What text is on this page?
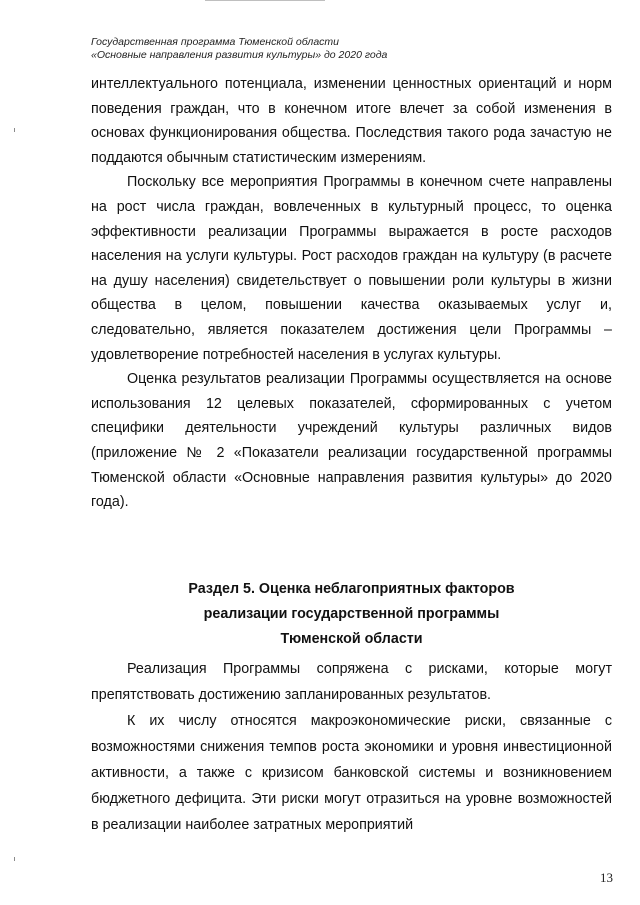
Государственная программа Тюменской области
«Основные направления развития культуры» до 2020 года

интеллектуального потенциала, изменении ценностных ориентаций и норм поведения граждан, что в конечном итоге влечет за собой изменения в основах функционирования общества. Последствия такого рода зачастую не поддаются обычным статистическим измерениям.

Поскольку все мероприятия Программы в конечном счете направлены на рост числа граждан, вовлеченных в культурный процесс, то оценка эффективности реализации Программы выражается в росте расходов населения на услуги культуры. Рост расходов граждан на культуру (в расчете на душу населения) свидетельствует о повышении роли культуры в жизни общества в целом, повышении качества оказываемых услуг и, следовательно, является показателем достижения цели Программы – удовлетворение потребностей населения в услугах культуры.

Оценка результатов реализации Программы осуществляется на основе использования 12 целевых показателей, сформированных с учетом специфики деятельности учреждений культуры различных видов (приложение № 2 «Показатели реализации государственной программы Тюменской области «Основные направления развития культуры» до 2020 года).

Раздел 5. Оценка неблагоприятных факторов
реализации государственной программы
Тюменской области

Реализация Программы сопряжена с рисками, которые могут препятствовать достижению запланированных результатов.

К их числу относятся макроэкономические риски, связанные с возможностями снижения темпов роста экономики и уровня инвестиционной активности, а также с кризисом банковской системы и возникновением бюджетного дефицита. Эти риски могут отразиться на уровне возможностей в реализации наиболее затратных мероприятий

13
